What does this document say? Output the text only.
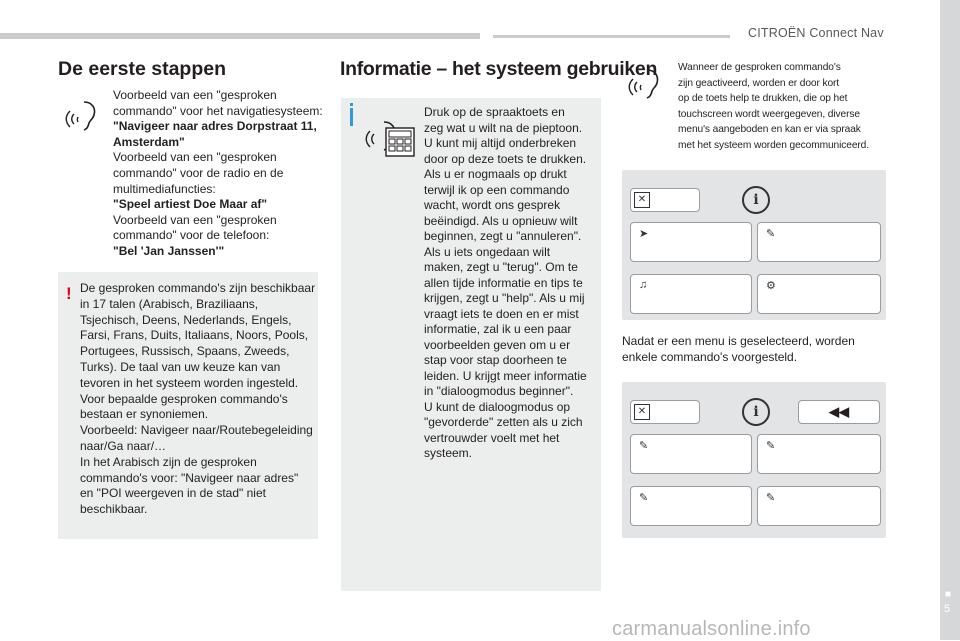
CITROËN Connect Nav
■
5
De eerste stappen
Voorbeeld van een "gesproken
commando" voor het navigatiesysteem:
"Navigeer naar adres Dorpstraat 11,
Amsterdam"
Voorbeeld van een "gesproken
commando" voor de radio en de
multimediafuncties:
"Speel artiest Doe Maar af"
Voorbeeld van een "gesproken
commando" voor de telefoon:
"Bel 'Jan Janssen'"
! De gesproken commando's zijn beschikbaar
in 17 talen (Arabisch, Braziliaans,
Tsjechisch, Deens, Nederlands, Engels,
Farsi, Frans, Duits, Italiaans, Noors, Pools,
Portugees, Russisch, Spaans, Zweeds,
Turks). De taal van uw keuze kan van
tevoren in het systeem worden ingesteld.
Voor bepaalde gesproken commando's
bestaan er synoniemen.
Voorbeeld: Navigeer naar/Routebegeleiding
naar/Ga naar/…
In het Arabisch zijn de gesproken
commando's voor: "Navigeer naar adres"
en "POI weergeven in de stad" niet
beschikbaar.
Informatie – het systeem gebruiken
Druk op de spraaktoets en
zeg wat u wilt na de pieptoon.
U kunt mij altijd onderbreken
door op deze toets te drukken.
Als u er nogmaals op drukt
terwijl ik op een commando
wacht, wordt ons gesprek
beëindigd. Als u opnieuw wilt
beginnen, zegt u "annuleren".
Als u iets ongedaan wilt
maken, zegt u "terug". Om te
allen tijde informatie en tips te
krijgen, zegt u "help". Als u mij
vraagt iets te doen en er mist
informatie, zal ik u een paar
voorbeelden geven om u er
stap voor stap doorheen te
leiden. U krijgt meer informatie
in "dialoogmodus beginner".
U kunt de dialoogmodus op
"gevorderde" zetten als u zich
vertrouwder voelt met het
systeem.
Wanneer de gesproken commando's
zijn geactiveerd, worden er door kort
op de toets help te drukken, die op het
touchscreen wordt weergegeven, diverse
menu's aangeboden en kan er via spraak
met het systeem worden gecommuniceerd.
✕	i
➤	✎
♫	⚙
Nadat er een menu is geselecteerd, worden
enkele commando's voorgesteld.
✕	i	◀◀
✎	✎
✎	✎
carmanualsonline.info
